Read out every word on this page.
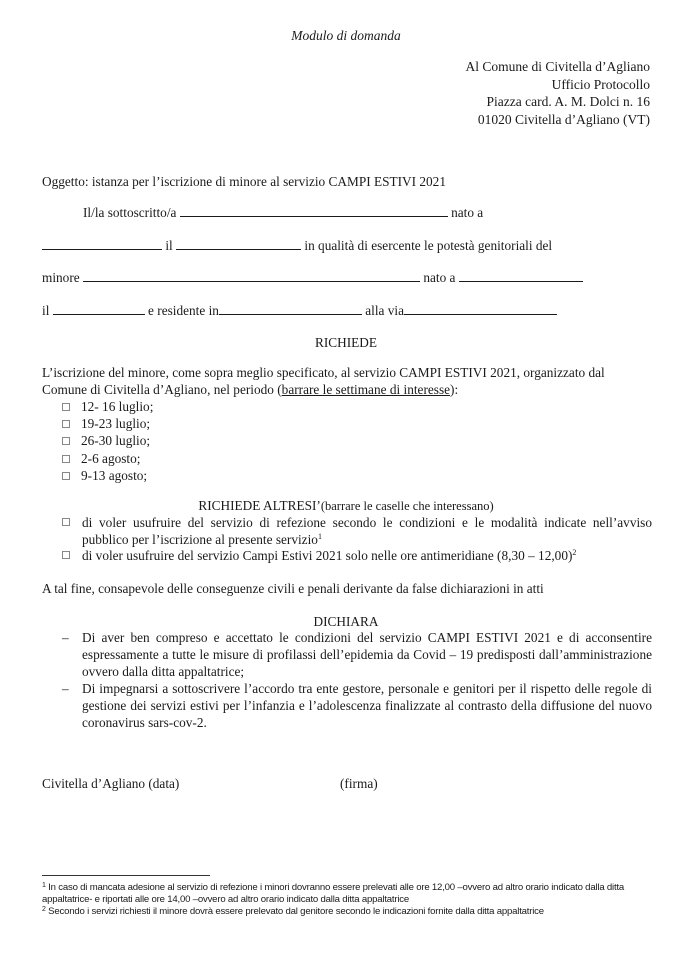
Modulo di domanda
Al Comune di Civitella d’Agliano
Ufficio Protocollo
Piazza card. A. M. Dolci n. 16
01020 Civitella d’Agliano (VT)
Oggetto: istanza per l’iscrizione di minore al servizio CAMPI ESTIVI 2021
Il/la sottoscritto/a	nato a
il	in qualità di esercente le potestà genitoriali del
minore	nato a
il	e residente in	alla via
RICHIEDE
L’iscrizione del minore, come sopra meglio specificato, al servizio CAMPI ESTIVI 2021, organizzato dal
Comune di Civitella d’Agliano, nel periodo (barrare le settimane di interesse):
12- 16 luglio;
19-23 luglio;
26-30 luglio;
2-6 agosto;
9-13 agosto;
RICHIEDE ALTRESI’(barrare le caselle che interessano)
di voler usufruire del servizio di refezione secondo le condizioni e le modalità indicate nell’avviso pubblico per l’iscrizione al presente servizio$^1$
di voler usufruire del servizio Campi Estivi 2021 solo nelle ore antimeridiane (8,30 – 12,00)$^2$
A tal fine, consapevole delle conseguenze civili e penali derivante da false dichiarazioni in atti
DICHIARA
– Di aver ben compreso e accettato le condizioni del servizio CAMPI ESTIVI 2021 e di acconsentire espressamente a tutte le misure di profilassi dell’epidemia da Covid – 19 predisposti dall’amministrazione ovvero dalla ditta appaltatrice;
– Di impegnarsi a sottoscrivere l’accordo tra ente gestore, personale e genitori per il rispetto delle regole di gestione dei servizi estivi per l’infanzia e l’adolescenza finalizzate al contrasto della diffusione del nuovo coronavirus sars-cov-2.
Civitella d’Agliano (data)	(firma)
$^1$ In caso di mancata adesione al servizio di refezione i minori dovranno essere prelevati alle ore 12,00 –ovvero ad altro orario indicato dalla ditta appaltatrice- e riportati alle ore 14,00 –ovvero ad altro orario indicato dalla ditta appaltatrice
$^2$ Secondo i servizi richiesti il minore dovrà essere prelevato dal genitore secondo le indicazioni fornite dalla ditta appaltatrice
